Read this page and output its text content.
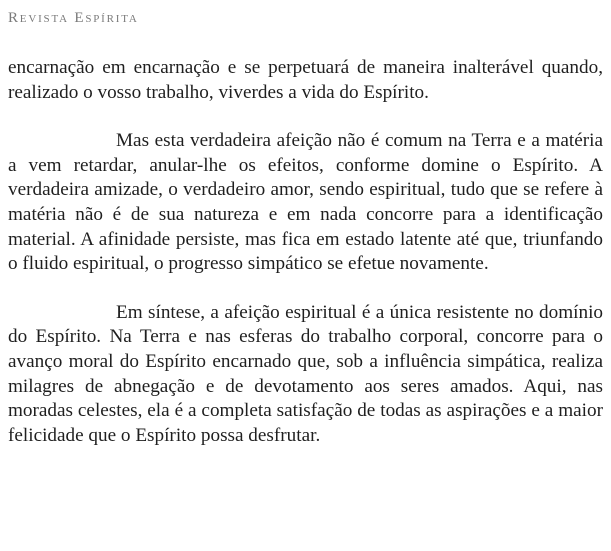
Revista Espírita

encarnação em encarnação e se perpetuará de maneira inalterável quando, realizado o vosso trabalho, viverdes a vida do Espírito.

Mas esta verdadeira afeição não é comum na Terra e a matéria a vem retardar, anular-lhe os efeitos, conforme domine o Espírito. A verdadeira amizade, o verdadeiro amor, sendo espiritual, tudo que se refere à matéria não é de sua natureza e em nada concorre para a identificação material. A afinidade persiste, mas fica em estado latente até que, triunfando o fluido espiritual, o progresso simpático se efetue novamente.

Em síntese, a afeição espiritual é a única resistente no domínio do Espírito. Na Terra e nas esferas do trabalho corporal, concorre para o avanço moral do Espírito encarnado que, sob a influência simpática, realiza milagres de abnegação e de devotamento aos seres amados. Aqui, nas moradas celestes, ela é a completa satisfação de todas as aspirações e a maior felicidade que o Espírito possa desfrutar.
